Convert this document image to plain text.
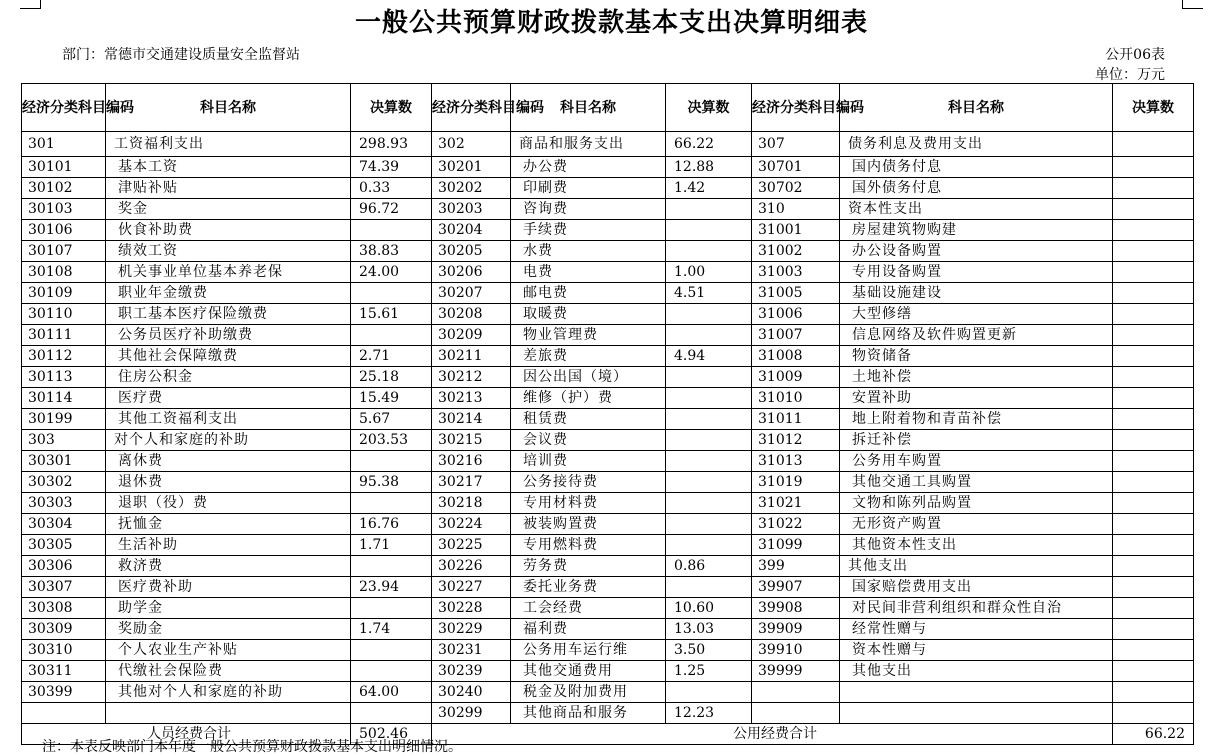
一般公共预算财政拨款基本支出决算明细表
部门：常德市交通建设质量安全监督站	公开06表
单位：万元
经济分类科目编码	科目名称	决算数	经济分类科目编码	科目名称	决算数	经济分类科目编码	科目名称	决算数
301	工资福利支出	298.93	302	商品和服务支出	66.22	307	债务利息及费用支出	
30101	基本工资	74.39	30201	办公费	12.88	30701	国内债务付息	
30102	津贴补贴	0.33	30202	印刷费	1.42	30702	国外债务付息	
30103	奖金	96.72	30203	咨询费		310	资本性支出	
30106	伙食补助费		30204	手续费		31001	房屋建筑物购建	
30107	绩效工资	38.83	30205	水费		31002	办公设备购置	
30108	机关事业单位基本养老保	24.00	30206	电费	1.00	31003	专用设备购置	
30109	职业年金缴费		30207	邮电费	4.51	31005	基础设施建设	
30110	职工基本医疗保险缴费	15.61	30208	取暖费		31006	大型修缮	
30111	公务员医疗补助缴费		30209	物业管理费		31007	信息网络及软件购置更新	
30112	其他社会保障缴费	2.71	30211	差旅费	4.94	31008	物资储备	
30113	住房公积金	25.18	30212	因公出国（境）		31009	土地补偿	
30114	医疗费	15.49	30213	维修（护）费		31010	安置补助	
30199	其他工资福利支出	5.67	30214	租赁费		31011	地上附着物和青苗补偿	
303	对个人和家庭的补助	203.53	30215	会议费		31012	拆迁补偿	
30301	离休费		30216	培训费		31013	公务用车购置	
30302	退休费	95.38	30217	公务接待费		31019	其他交通工具购置	
30303	退职（役）费		30218	专用材料费		31021	文物和陈列品购置	
30304	抚恤金	16.76	30224	被装购置费		31022	无形资产购置	
30305	生活补助	1.71	30225	专用燃料费		31099	其他资本性支出	
30306	救济费		30226	劳务费	0.86	399	其他支出	
30307	医疗费补助	23.94	30227	委托业务费		39907	国家赔偿费用支出	
30308	助学金		30228	工会经费	10.60	39908	对民间非营利组织和群众性自治	
30309	奖励金	1.74	30229	福利费	13.03	39909	经常性赠与	
30310	个人农业生产补贴		30231	公务用车运行维	3.50	39910	资本性赠与	
30311	代缴社会保险费		30239	其他交通费用	1.25	39999	其他支出	
30399	其他对个人和家庭的补助	64.00	30240	税金及附加费用				
			30299	其他商品和服务	12.23			
人员经费合计		502.46	公用经费合计					66.22
注：本表反映部门本年度一般公共预算财政拨款基本支出明细情况。
